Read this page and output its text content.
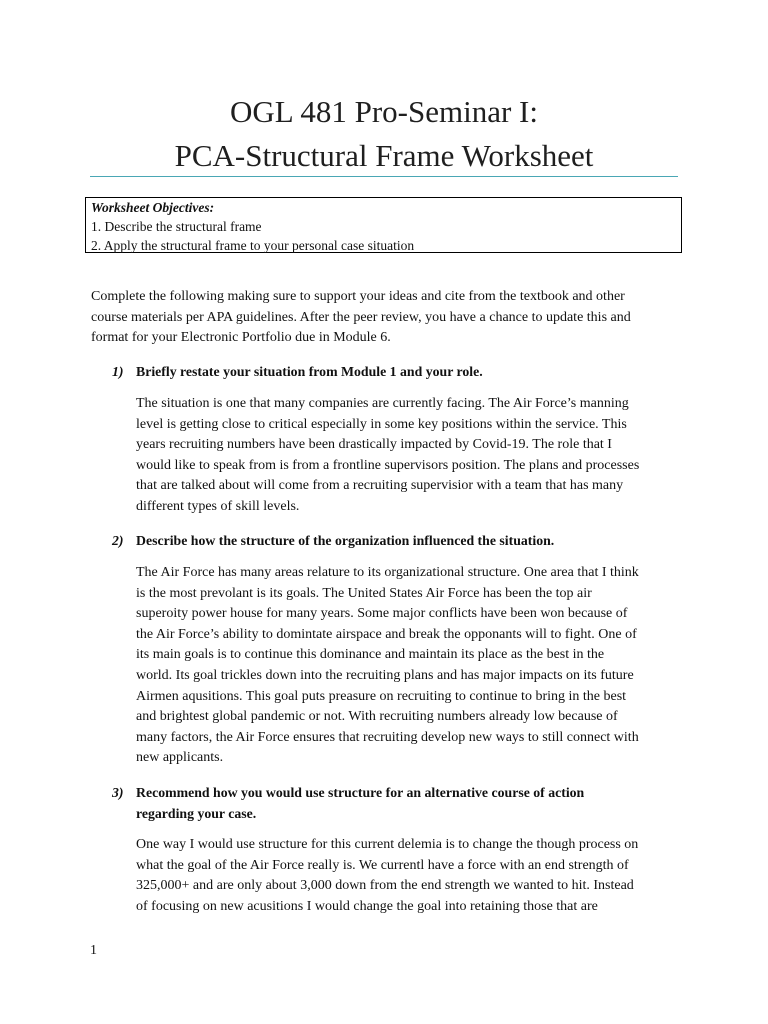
OGL 481 Pro-Seminar I:
PCA-Structural Frame Worksheet
Worksheet Objectives:
1. Describe the structural frame
2. Apply the structural frame to your personal case situation
Complete the following making sure to support your ideas and cite from the textbook and other
course materials per APA guidelines. After the peer review, you have a chance to update this and
format for your Electronic Portfolio due in Module 6.
1) Briefly restate your situation from Module 1 and your role.
The situation is one that many companies are currently facing. The Air Force’s manning
level is getting close to critical especially in some key positions within the service. This
years recruiting numbers have been drastically impacted by Covid-19. The role that I
would like to speak from is from a frontline supervisors position. The plans and processes
that are talked about will come from a recruiting supervisior with a team that has many
different types of skill levels.
2) Describe how the structure of the organization influenced the situation.
The Air Force has many areas relature to its organizational structure. One area that I think
is the most prevolant is its goals. The United States Air Force has been the top air
superoity power house for many years. Some major conflicts have been won because of
the Air Force’s ability to domintate airspace and break the opponants will to fight. One of
its main goals is to continue this dominance and maintain its place as the best in the
world. Its goal trickles down into the recruiting plans and has major impacts on its future
Airmen aqusitions. This goal puts preasure on recruiting to continue to bring in the best
and brightest global pandemic or not. With recruiting numbers already low because of
many factors, the Air Force ensures that recruiting develop new ways to still connect with
new applicants.
3) Recommend how you would use structure for an alternative course of action
regarding your case.
One way I would use structure for this current delemia is to change the though process on
what the goal of the Air Force really is. We currentl have a force with an end strength of
325,000+ and are only about 3,000 down from the end strength we wanted to hit. Instead
of focusing on new acusitions I would change the goal into retaining those that are
1
